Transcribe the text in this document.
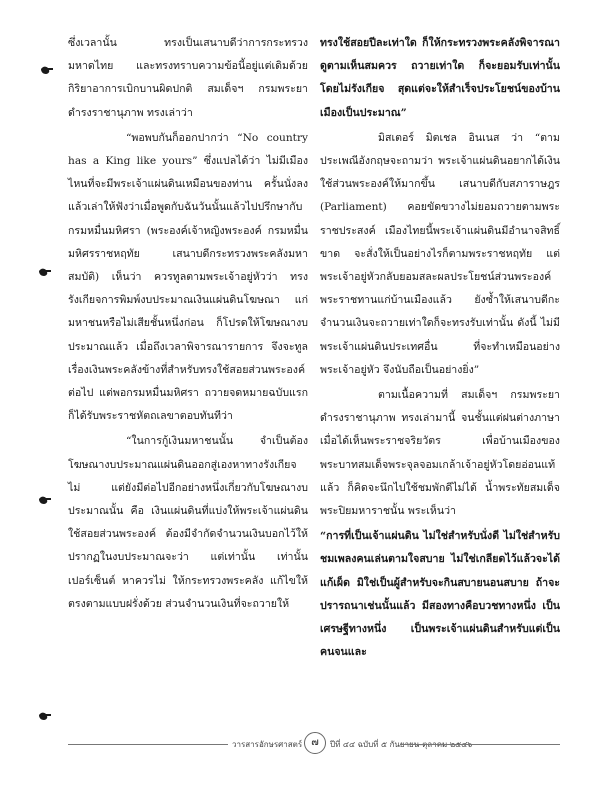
ซึ่งเวลานั้น ทรงเป็นเสนาบดีว่าการกระทรวงมหาดไทย และทรงทราบความข้อนี้อยู่แต่เดิมด้วยกิริยาอาการเบิกบานผิดปกติ สมเด็จฯ กรมพระยาดำรงราชานุภาพ ทรงเล่าว่า

“พอพบกันก็ออกปากว่า “No country has a King like yours” ซึ่งแปลได้ว่า ไม่มีเมืองไหนที่จะมีพระเจ้าแผ่นดินเหมือนของท่าน ครั้นนั่งลงแล้วเล่าให้ฟังว่าเมื่อพูดกับฉันวันนั้นแล้วไปปรึกษากับกรมหมื่นมหิศรา (พระองค์เจ้าหญิงพระองค์ กรมหมื่นมหิศรราชหฤทัย เสนาบดีกระทรวงพระคลังมหาสมบัติ) เห็นว่า ควรทูลตามพระเจ้าอยู่หัวว่า ทรงรังเกียจการพิมพ์งบประมาณเงินแผ่นดินโฆษณา แก่มหาชนหรือไม่เสียชั้นหนึ่งก่อน ก็โปรดให้โฆษณางบประมาณแล้ว เมื่อถึงเวลาพิจารณารายการ จึงจะทูลเรื่องเงินพระคลังข้างที่สำหรับทรงใช้สอยส่วนพระองค์ต่อไป แต่พอกรมหมื่นมหิศรา ถวายจดหมายฉบับแรก ก็ได้รับพระราชหัตถเลขาตอบทันทีว่า

“ในการกู้เงินมหาชนนั้น จำเป็นต้องโฆษณางบประมาณแผ่นดินออกสู่เองหาทางรังเกียจไม่ แต่ยังมีต่อไปอีกอย่างหนึ่งเกี่ยวกับโฆษณางบประมาณนั้น คือ เงินแผ่นดินที่แบ่งให้พระเจ้าแผ่นดินใช้สอยส่วนพระองค์ ต้องมีจำกัดจำนวนเงินบอกไว้ให้ปรากฏในงบประมาณจะว่า แต่เท่านั้น เท่านั้นเปอร์เซ็นต์ หาควรไม่ ให้กระทรวงพระคลัง แก้ไขให้ตรงตามแบบฝรั่งด้วย ส่วนจำนวนเงินที่จะถวายให้

ทรงใช้สอยปีละเท่าใด ก็ให้กระทรวงพระคลังพิจารณาดูตามเห็นสมควร ถวายเท่าใด ก็จะยอมรับเท่านั้น โดยไม่รังเกียจ สุดแต่จะให้สำเร็จประโยชน์ของบ้านเมืองเป็นประมาณ”

มิสเตอร์ มิตเชล อินเนส ว่า “ตามประเพณีอังกฤษจะถามว่า พระเจ้าแผ่นดินอยากได้เงินใช้ส่วนพระองค์ให้มากขึ้น เสนาบดีกับสภาราษฎร (Parliament) คอยขัดขวางไม่ยอมถวายตามพระราชประสงค์ เมืองไทยนี้พระเจ้าแผ่นดินมีอำนาจสิทธิ์ขาด จะสั่งให้เป็นอย่างไรก็ตามพระราชหฤทัย แต่พระเจ้าอยู่หัวกลับยอมสละผลประโยชน์ส่วนพระองค์พระราชทานแก่บ้านเมืองแล้ว ยังซ้ำให้เสนาบดีกะจำนวนเงินจะถวายเท่าใดก็จะทรงรับเท่านั้น ดังนี้ ไม่มีพระเจ้าแผ่นดินประเทศอื่น ที่จะทำเหมือนอย่างพระเจ้าอยู่หัว จึงนับถือเป็นอย่างยิ่ง”

ตามเนื้อความที่ สมเด็จฯ กรมพระยาดำรงราชานุภาพ ทรงเล่ามานี้ จนชั้นแต่ฝนต่างภาษาเมื่อได้เห็นพระราชจริยวัตร เพื่อบ้านเมืองของพระบาทสมเด็จพระจุลจอมเกล้าเจ้าอยู่หัวโดยอ่อนแท้แล้ว ก็คิดจะนึกไปใช้ชมพักดีไม่ได้ น้ำพระทัยสมเด็จพระปิยมหาราชนั้น พระเห็นว่า

“การที่เป็นเจ้าแผ่นดิน ไม่ใช่สำหรับนั่งดี ไม่ใช่สำหรับชมเพลงคนเล่นตามใจสบาย ไม่ใช่เกลียดไว้แล้วจะได้แก้เผ็ด มิใช่เป็นผู้สำหรับจะกินสบายนอนสบาย ถ้าจะปรารถนาเช่นนั้นแล้ว มีสองทางคือบวชทางหนึ่ง เป็นเศรษฐีทางหนึ่ง เป็นพระเจ้าแผ่นดินสำหรับแต่เป็นคนจนและ

วารสารอักษรศาสตร์ ๗	ปีที่ ๔๔ ฉบับที่ ๕ กันยายน-ตุลาคม ๒๕๔๖
